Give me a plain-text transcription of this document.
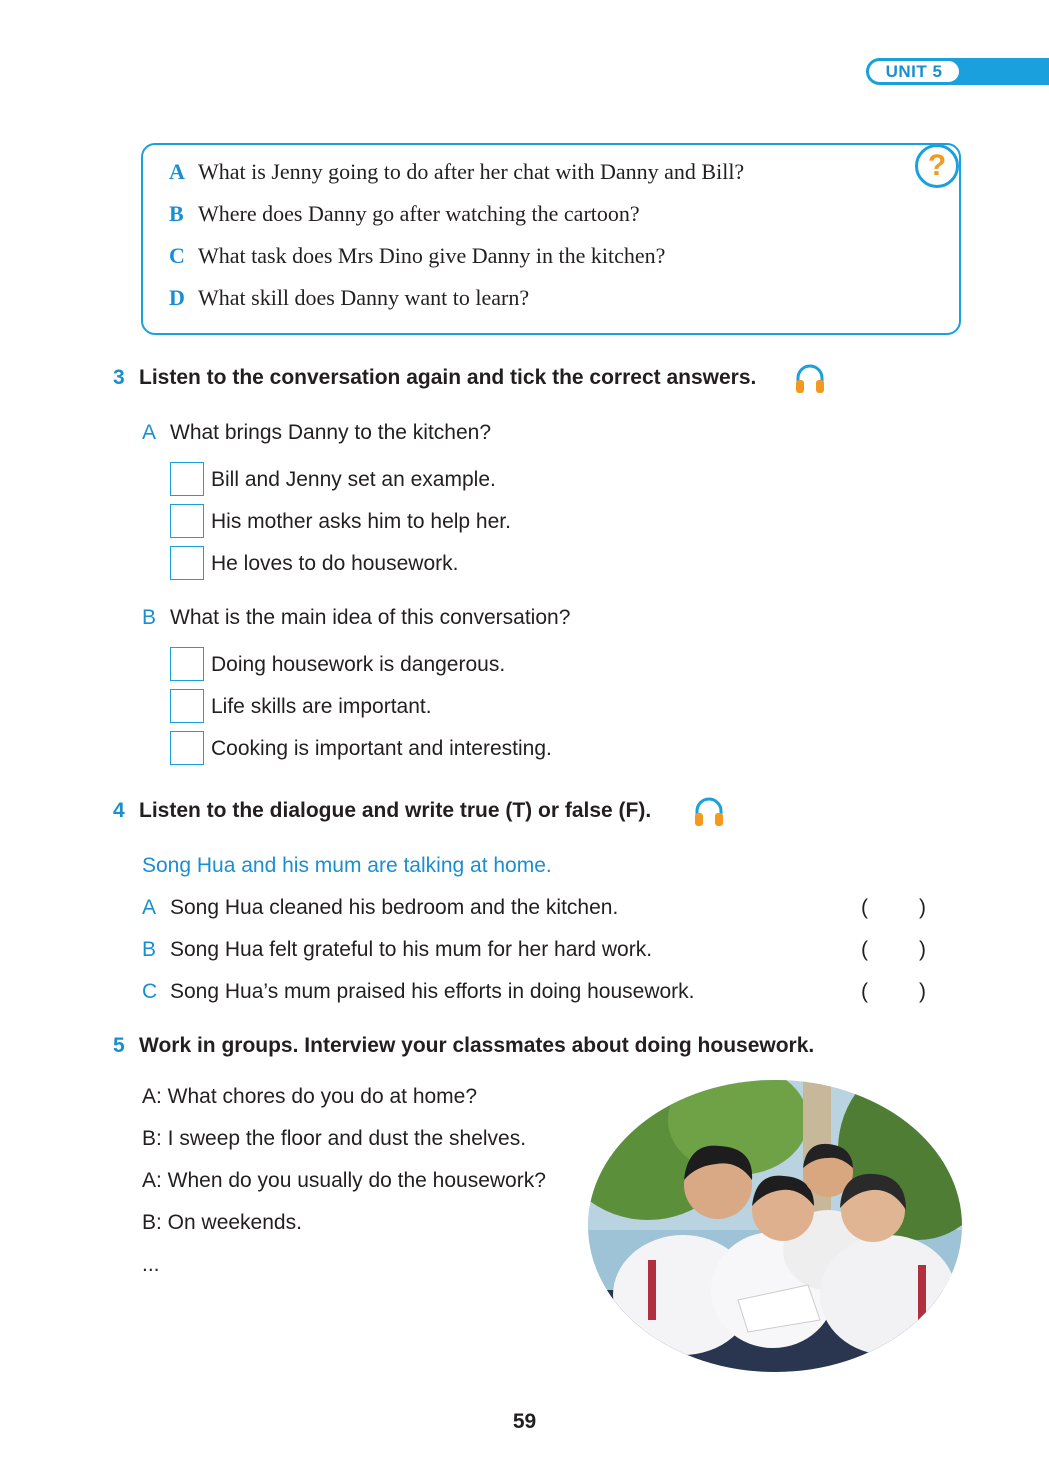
UNIT 5
?
A What is Jenny going to do after her chat with Danny and Bill?
B Where does Danny go after watching the cartoon?
C What task does Mrs Dino give Danny in the kitchen?
D What skill does Danny want to learn?
3 Listen to the conversation again and tick the correct answers.
A What brings Danny to the kitchen?
Bill and Jenny set an example.
His mother asks him to help her.
He loves to do housework.
B What is the main idea of this conversation?
Doing housework is dangerous.
Life skills are important.
Cooking is important and interesting.
4 Listen to the dialogue and write true (T) or false (F).
Song Hua and his mum are talking at home.
A Song Hua cleaned his bedroom and the kitchen.	( )
B Song Hua felt grateful to his mum for her hard work.	( )
C Song Hua’s mum praised his efforts in doing housework.	( )
5 Work in groups. Interview your classmates about doing housework.
A: What chores do you do at home?
B: I sweep the floor and dust the shelves.
A: When do you usually do the housework?
B: On weekends.
...
59
